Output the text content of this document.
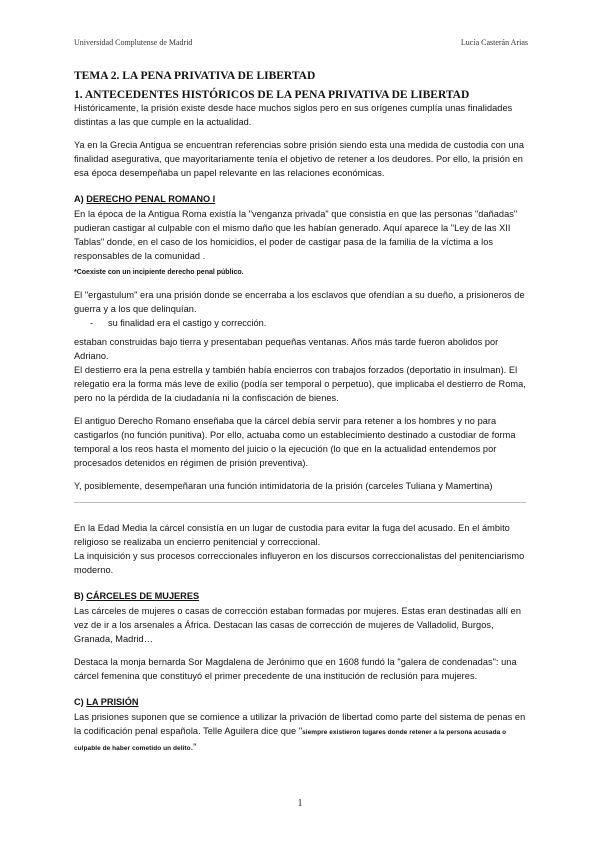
Universidad Complutense de Madrid	Lucía Casterán Arias
TEMA 2. LA PENA PRIVATIVA DE LIBERTAD
1. ANTECEDENTES HISTÓRICOS DE LA PENA PRIVATIVA DE LIBERTAD

Históricamente, la prisión existe desde hace muchos siglos pero en sus orígenes cumplía unas finalidades distintas a las que cumple en la actualidad.

Ya en la Grecia Antigua se encuentran referencias sobre prisión siendo esta una medida de custodia con una finalidad asegurativa, que mayoritariamente tenía el objetivo de retener a los deudores. Por ello, la prisión en esa época desempeñaba un papel relevante en las relaciones económicas.

A) DERECHO PENAL ROMANO I

En la época de la Antigua Roma existía la "venganza privada" que consistía en que las personas "dañadas" pudieran castigar al culpable con el mismo daño que les habían generado. Aquí aparece la "Ley de las XII Tablas" donde, en el caso de los homicidios, el poder de castigar pasa de la familia de la víctima a los responsables de la comunidad .

*Coexiste con un incipiente derecho penal público.

El "ergastulum" era una prisión donde se encerraba a los esclavos que ofendían a su dueño, a prisioneros de guerra y a los que delinquían.

-	su finalidad era el castigo y corrección.

estaban construidas bajo tierra y presentaban pequeñas ventanas. Años más tarde fueron abolidos por Adriano.

El destierro era la pena estrella y también había encierros con trabajos forzados (deportatio in insulman). El relegatio era la forma más leve de exilio (podía ser temporal o perpetuo), que implicaba el destierro de Roma, pero no la pérdida de la ciudadanía ni la confiscación de bienes.

El antiguo Derecho Romano enseñaba que la cárcel debía servir para retener a los hombres y no para castigarlos (no función punitiva). Por ello, actuaba como un establecimiento destinado a custodiar de forma temporal a los reos hasta el momento del juicio o la ejecución (lo que en la actualidad entendemos por procesados detenidos en régimen de prisión preventiva).

Y, posiblemente, desempeñaran una función intimidatoria de la prisión (carceles Tuliana y Mamertina)

En la Edad Media la cárcel consistía en un lugar de custodia para evitar la fuga del acusado. En el ámbito religioso se realizaba un encierro penitencial y correccional.

La inquisición y sus procesos correccionales influyeron en los discursos correccionalistas del penitenciarismo moderno.

B) CÁRCELES DE MUJERES

Las cárceles de mujeres o casas de corrección estaban formadas por mujeres. Estas eran destinadas allí en vez de ir a los arsenales a África. Destacan las casas de corrección de mujeres de Valladolid, Burgos, Granada, Madrid…

Destaca la monja bernarda Sor Magdalena de Jerónimo que en 1608 fundó la "galera de condenadas": una cárcel femenina que constituyó el primer precedente de una institución de reclusión para mujeres.

C) LA PRISIÓN

Las prisiones suponen que se comience a utilizar la privación de libertad como parte del sistema de penas en la codificación penal española. Telle Aguilera dice que "siempre existieron lugares donde retener a la persona acusada o culpable de haber cometido un delito."

1
